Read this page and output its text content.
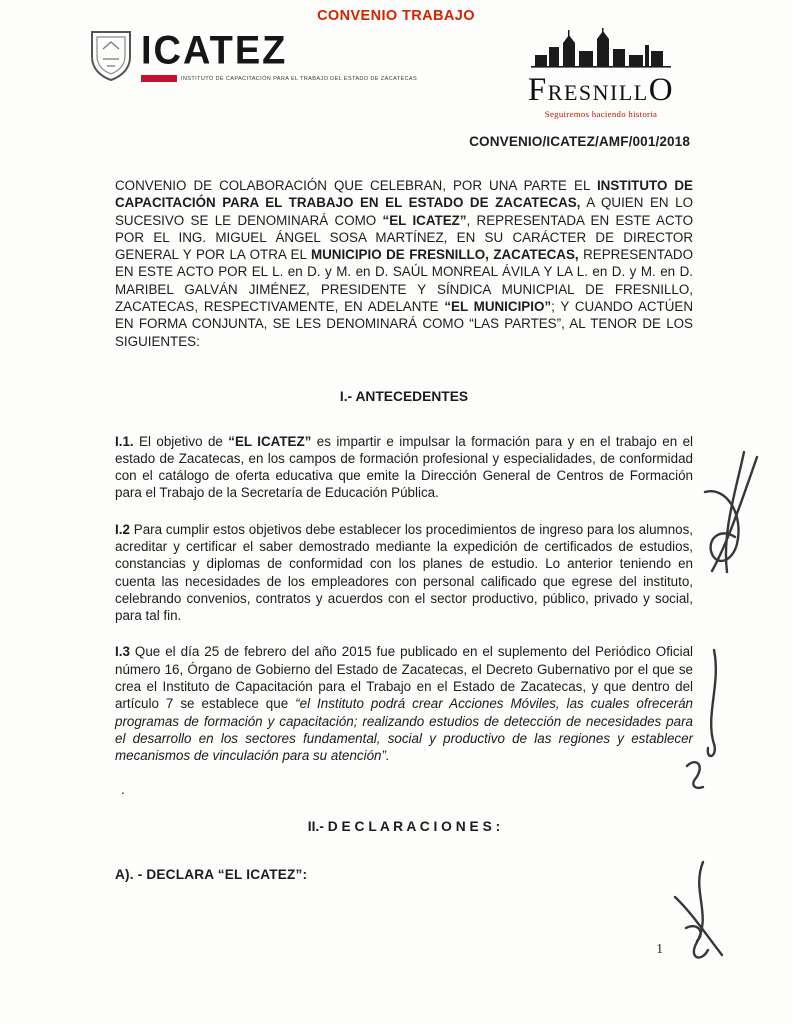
CONVENIO TRABAJO
ICATEZ
INSTITUTO DE CAPACITACIÓN PARA EL TRABAJO DEL ESTADO DE ZACATECAS	FRESNILLO
Seguiremos haciendo historia
CONVENIO/ICATEZ/AMF/001/2018

CONVENIO DE COLABORACIÓN QUE CELEBRAN, POR UNA PARTE EL INSTITUTO DE CAPACITACIÓN PARA EL TRABAJO EN EL ESTADO DE ZACATECAS, A QUIEN EN LO SUCESIVO SE LE DENOMINARÁ COMO “EL ICATEZ”, REPRESENTADA EN ESTE ACTO POR EL ING. MIGUEL ÁNGEL SOSA MARTÍNEZ, EN SU CARÁCTER DE DIRECTOR GENERAL Y POR LA OTRA EL MUNICIPIO DE FRESNILLO, ZACATECAS, REPRESENTADO EN ESTE ACTO POR EL L. en D. y M. en D. SAÚL MONREAL ÁVILA Y LA L. en D. y M. en D. MARIBEL GALVÁN JIMÉNEZ, PRESIDENTE Y SÍNDICA MUNICPIAL DE FRESNILLO, ZACATECAS, RESPECTIVAMENTE, EN ADELANTE “EL MUNICIPIO”; Y CUANDO ACTÚEN EN FORMA CONJUNTA, SE LES DENOMINARÁ COMO “LAS PARTES”, AL TENOR DE LOS SIGUIENTES:

I.- ANTECEDENTES

I.1. El objetivo de “EL ICATEZ” es impartir e impulsar la formación para y en el trabajo en el estado de Zacatecas, en los campos de formación profesional y especialidades, de conformidad con el catálogo de oferta educativa que emite la Dirección General de Centros de Formación para el Trabajo de la Secretaría de Educación Pública.

I.2 Para cumplir estos objetivos debe establecer los procedimientos de ingreso para los alumnos, acreditar y certificar el saber demostrado mediante la expedición de certificados de estudios, constancias y diplomas de conformidad con los planes de estudio. Lo anterior teniendo en cuenta las necesidades de los empleadores con personal calificado que egrese del instituto, celebrando convenios, contratos y acuerdos con el sector productivo, público, privado y social, para tal fin.

I.3 Que el día 25 de febrero del año 2015 fue publicado en el suplemento del Periódico Oficial número 16, Órgano de Gobierno del Estado de Zacatecas, el Decreto Gubernativo por el que se crea el Instituto de Capacitación para el Trabajo en el Estado de Zacatecas, y que dentro del artículo 7 se establece que “el Instituto podrá crear Acciones Móviles, las cuales ofrecerán programas de formación y capacitación; realizando estudios de detección de necesidades para el desarrollo en los sectores fundamental, social y productivo de las regiones y establecer mecanismos de vinculación para su atención”.

.
II.- D E C L A R A C I O N E S :
A). - DECLARA “EL ICATEZ”:
1
